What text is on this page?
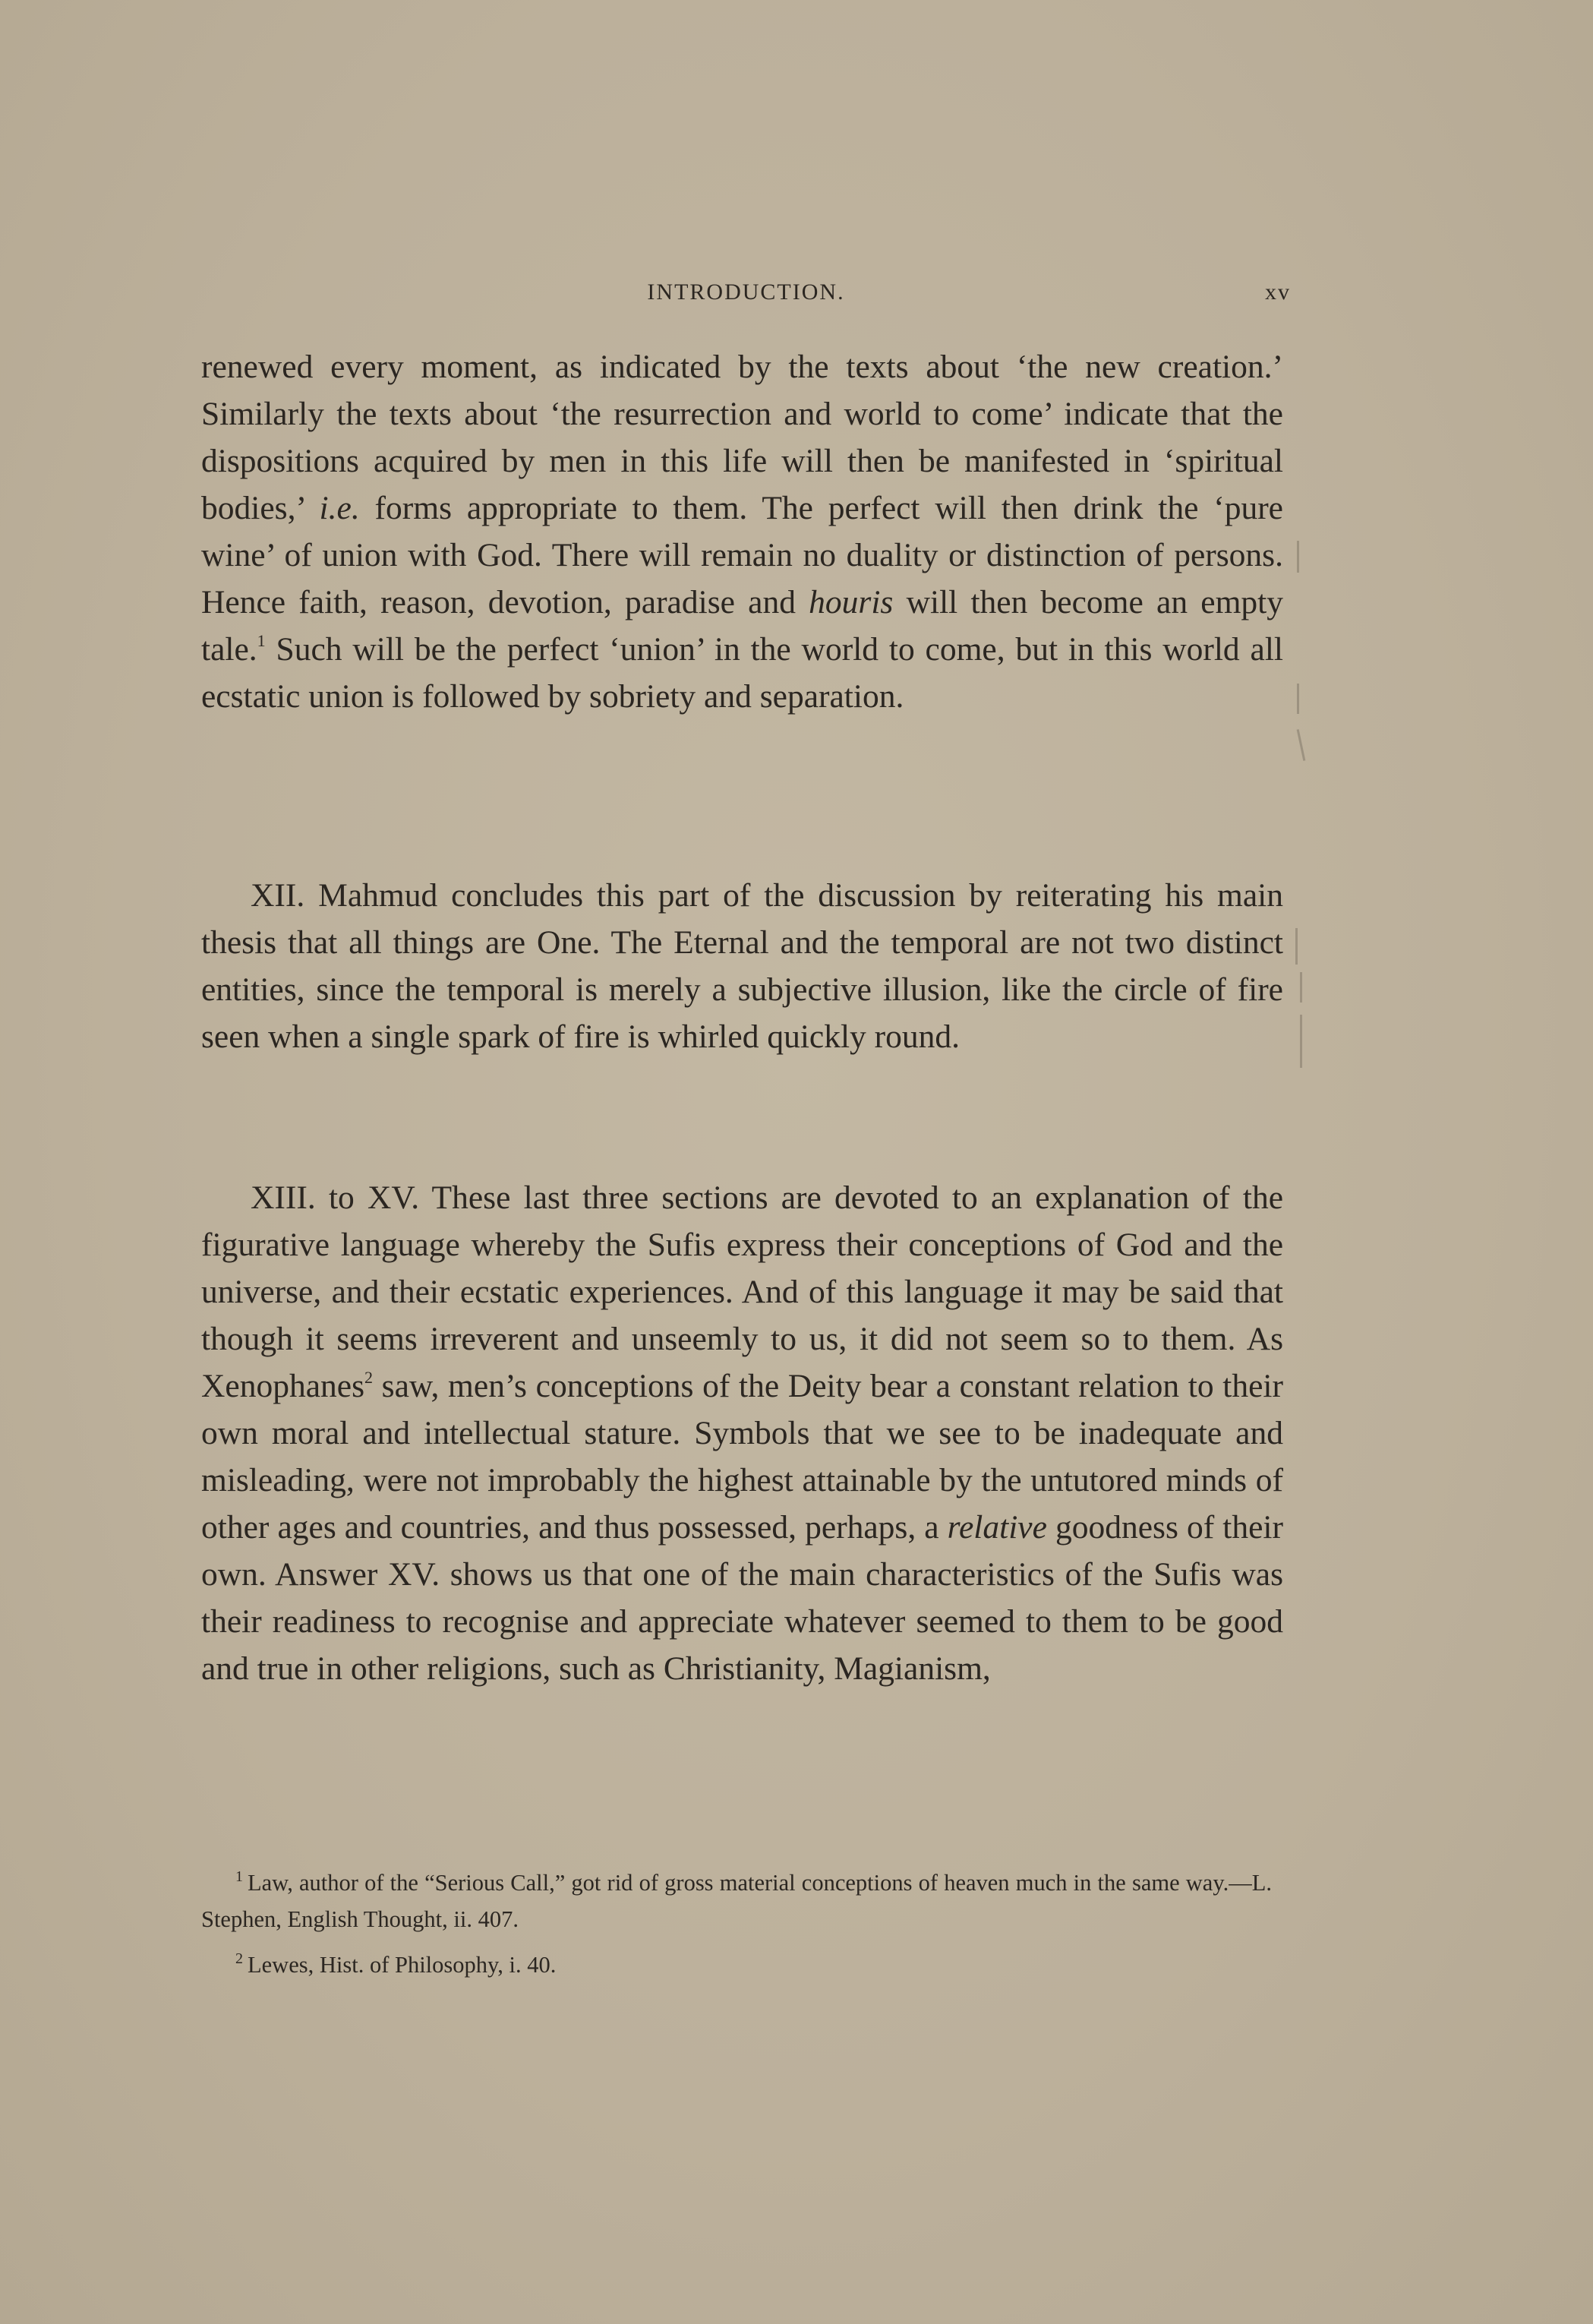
INTRODUCTION.	xv

renewed every moment, as indicated by the texts about ‘the new creation.’ Similarly the texts about ‘the resurrection and world to come’ indicate that the dispositions acquired by men in this life will then be manifested in ‘spiritual bodies,’ i.e. forms appropriate to them. The perfect will then drink the ‘pure wine’ of union with God. There will remain no duality or distinction of persons. Hence faith, reason, devotion, paradise and houris will then become an empty tale.$^1$ Such will be the perfect ‘union’ in the world to come, but in this world all ecstatic union is followed by sobriety and separation.

XII. Mahmud concludes this part of the discussion by reiterating his main thesis that all things are One. The Eternal and the temporal are not two distinct entities, since the temporal is merely a subjective illusion, like the circle of fire seen when a single spark of fire is whirled quickly round.

XIII. to XV. These last three sections are devoted to an explanation of the figurative language whereby the Sufis express their conceptions of God and the universe, and their ecstatic experiences. And of this language it may be said that though it seems irreverent and unseemly to us, it did not seem so to them. As Xenophanes$^2$ saw, men’s conceptions of the Deity bear a constant relation to their own moral and intellectual stature. Symbols that we see to be inadequate and misleading, were not improbably the highest attainable by the untutored minds of other ages and countries, and thus possessed, perhaps, a relative goodness of their own. Answer XV. shows us that one of the main characteristics of the Sufis was their readiness to recognise and appreciate whatever seemed to them to be good and true in other religions, such as Christianity, Magianism,

$^1$ Law, author of the “Serious Call,” got rid of gross material conceptions of heaven much in the same way.—L. Stephen, English Thought, ii. 407.

$^2$ Lewes, Hist. of Philosophy, i. 40.
